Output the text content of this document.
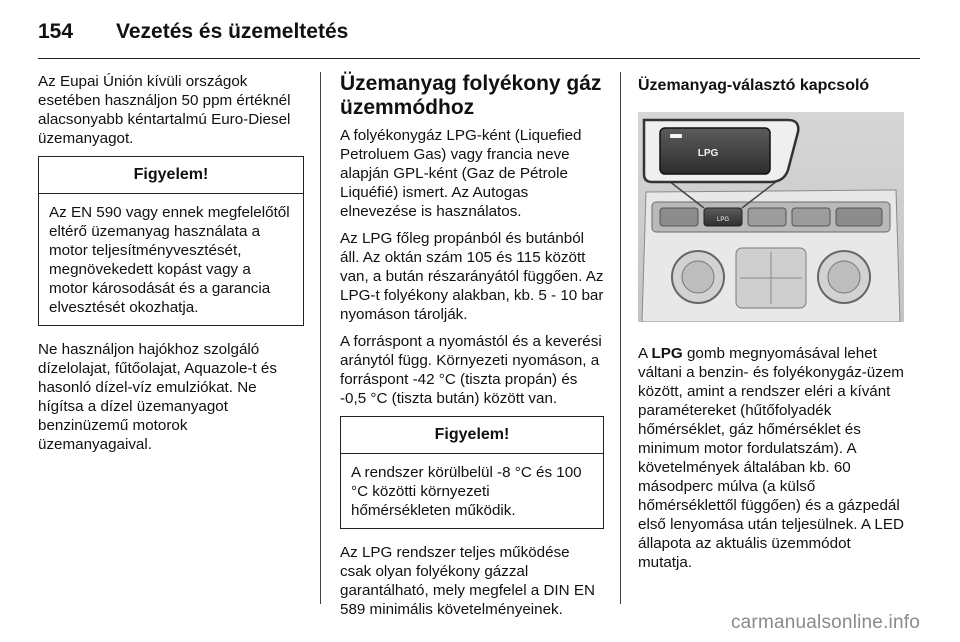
154	Vezetés és üzemeltetés

Az Eupai Únión kívüli országok esetében használjon 50 ppm értéknél alacsonyabb kéntartalmú Euro-Diesel üzemanyagot.

Figyelem!
Az EN 590 vagy ennek megfelelőtől eltérő üzemanyag használata a motor teljesítményvesztését, megnövekedett kopást vagy a motor károsodását és a garancia elvesztését okozhatja.

Ne használjon hajókhoz szolgáló dízelolajat, fűtőolajat, Aquazole-t és hasonló dízel-víz emulziókat. Ne hígítsa a dízel üzemanyagot benzinüzemű motorok üzemanyagaival.

Üzemanyag folyékony gáz üzemmódhoz

A folyékonygáz LPG-ként (Liquefied Petroluem Gas) vagy francia neve alapján GPL-ként (Gaz de Pétrole Liquéfié) ismert. Az Autogas elnevezése is használatos.

Az LPG főleg propánból és butánból áll. Az oktán szám 105 és 115 között van, a bután részarányától függően. Az LPG-t folyékony alakban, kb. 5 - 10 bar nyomáson tárolják.

A forráspont a nyomástól és a keverési aránytól függ. Környezeti nyomáson, a forráspont -42 °C (tiszta propán) és -0,5 °C (tiszta bután) között van.

Figyelem!
A rendszer körülbelül -8 °C és 100 °C közötti környezeti hőmérsékleten működik.

Az LPG rendszer teljes működése csak olyan folyékony gázzal garantálható, mely megfelel a DIN EN 589 minimális követelményeinek.

Üzemanyag-választó kapcsoló
LPG
LPG

A LPG gomb megnyomásával lehet váltani a benzin- és folyékonygáz-üzem között, amint a rendszer eléri a kívánt paramétereket (hűtőfolyadék hőmérséklet, gáz hőmérséklet és minimum motor fordulatszám). A követelmények általában kb. 60 másodperc múlva (a külső hőmérséklettől függően) és a gázpedál első lenyomása után teljesülnek. A LED állapota az aktuális üzemmódot mutatja.

carmanualsonline.info
